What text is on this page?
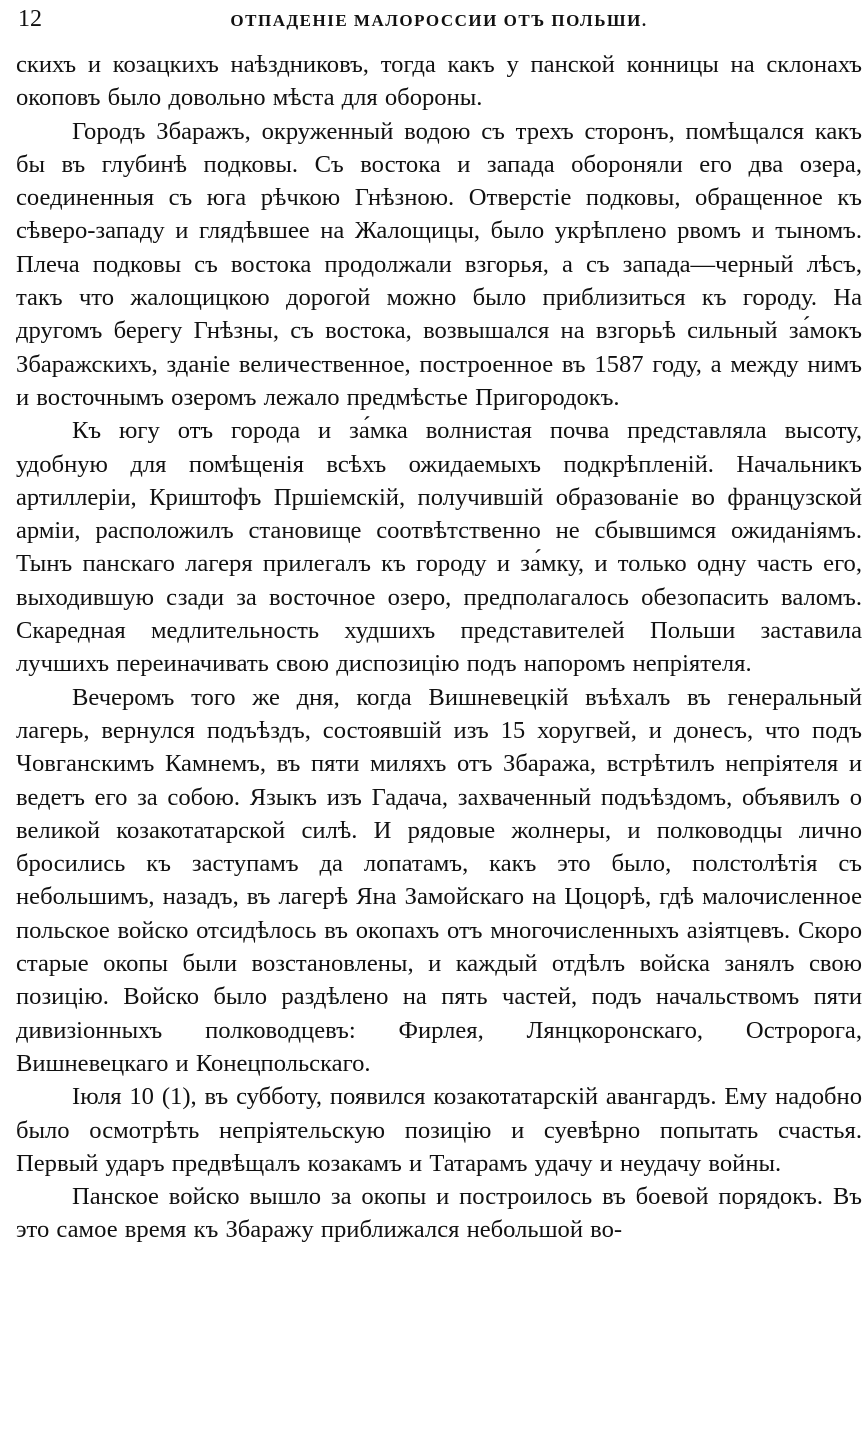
12	ОТПАДЕНІЕ МАЛОРОССИИ ОТЪ ПОЛЬШИ.

скихъ и козацкихъ наѣздниковъ, тогда какъ у панской конницы на склонахъ окоповъ было довольно мѣста для обороны.

Городъ Збаражъ, окруженный водою съ трехъ сторонъ, помѣщался какъ бы въ глубинѣ подковы. Съ востока и запада обороняли его два озера, соединенныя съ юга рѣчкою Гнѣзною. Отверстіе подковы, обращенное къ сѣверо-западу и глядѣвшее на Жалощицы, было укрѣплено рвомъ и тыномъ. Плеча подковы съ востока продолжали взгорья, а съ запада—черный лѣсъ, такъ что жалощицкою дорогой можно было приблизиться къ городу. На другомъ берегу Гнѣзны, съ востока, возвышался на взгорьѣ сильный за́мокъ Збаражскихъ, зданіе величественное, построенное въ 1587 году, а между нимъ и восточнымъ озеромъ лежало предмѣстье Пригородокъ.

Къ югу отъ города и за́мка волнистая почва представляла высоту, удобную для помѣщенія всѣхъ ожидаемыхъ подкрѣпленій. Начальникъ артиллеріи, Криштофъ Пршіемскій, получившій образованіе во французской арміи, расположилъ становище соотвѣтственно не сбывшимся ожиданіямъ. Тынъ панскаго лагеря прилегалъ къ городу и за́мку, и только одну часть его, выходившую сзади за восточное озеро, предполагалось обезопасить валомъ. Скаредная медлительность худшихъ представителей Польши заставила лучшихъ переиначивать свою диспозицію подъ напоромъ непріятеля.

Вечеромъ того же дня, когда Вишневецкій въѣхалъ въ генеральный лагерь, вернулся подъѣздъ, состоявшій изъ 15 хоругвей, и донесъ, что подъ Човганскимъ Камнемъ, въ пяти миляхъ отъ Збаража, встрѣтилъ непріятеля и ведетъ его за собою. Языкъ изъ Гадача, захваченный подъѣздомъ, объявилъ о великой козакотатарской силѣ. И рядовые жолнеры, и полководцы лично бросились къ заступамъ да лопатамъ, какъ это было, полстолѣтія съ небольшимъ, назадъ, въ лагерѣ Яна Замойскаго на Цоцорѣ, гдѣ малочисленное польское войско отсидѣлось въ окопахъ отъ многочисленныхъ азіятцевъ. Скоро старые окопы были возстановлены, и каждый отдѣлъ войска занялъ свою позицію. Войско было раздѣлено на пять частей, подъ начальствомъ пяти дивизіонныхъ полководцевъ: Фирлея, Лянцкоронскаго, Остророга, Вишневецкаго и Конецпольскаго.

Іюля 10 (1), въ субботу, появился козакотатарскій авангардъ. Ему надобно было осмотрѣть непріятельскую позицію и суевѣрно попытать счастья. Первый ударъ предвѣщалъ козакамъ и Татарамъ удачу и неудачу войны.

Панское войско вышло за окопы и построилось въ боевой порядокъ. Въ это самое время къ Збаражу приближался небольшой во-
